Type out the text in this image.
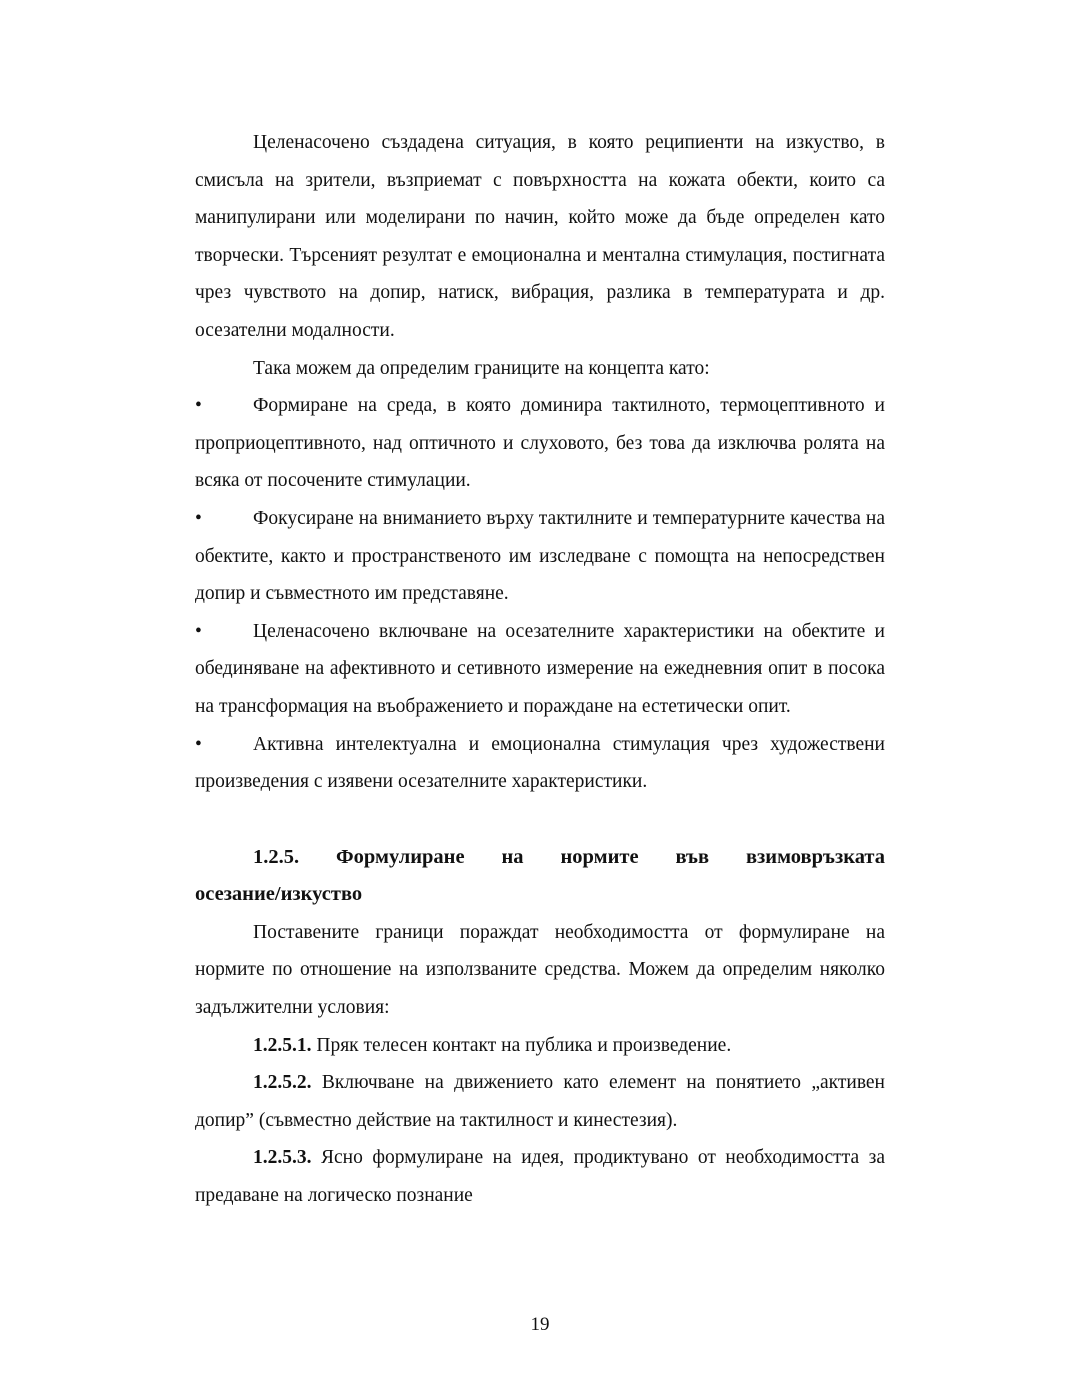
Целенасочено създадена ситуация, в която реципиенти на изкуство, в смисъла на зрители, възприемат с повърхността на кожата обекти, които са манипулирани или моделирани по начин, който може да бъде определен като творчески. Търсеният резултат е емоционална и ментална стимулация, постигната чрез чувството на допир, натиск, вибрация, разлика в температурата и др. осезателни модалности.

Така можем да определим границите на концепта като:

•	Формиране на среда, в която доминира тактилното, термоцептивното и проприоцептивното, над оптичното и слуховото, без това да изключва ролята на всяка от посочените стимулации.

•	Фокусиране на вниманието върху тактилните и температурните качества на обектите, както и пространственото им изследване с помощта на непосредствен допир и съвместното им представяне.

•	Целенасочено включване на осезателните характеристики на обектите и обединяване на афективното и сетивното измерение на ежедневния опит в посока на трансформация на въображението и пораждане на естетически опит.

•	Активна интелектуална и емоционална стимулация чрез художествени произведения с изявени осезателните характеристики.

1.2.5. Формулиране на нормите във взимовръзката
осезание/изкуство

Поставените граници пораждат необходимостта от формулиране на нормите по отношение на използваните средства. Можем да определим няколко задължителни условия:

1.2.5.1. Пряк телесен контакт на публика и произведение.

1.2.5.2. Включване на движението като елемент на понятието „активен допир” (съвместно действие на тактилност и кинестезия).

1.2.5.3. Ясно формулиране на идея, продиктувано от необходимостта за предаване на логическо познание

19
